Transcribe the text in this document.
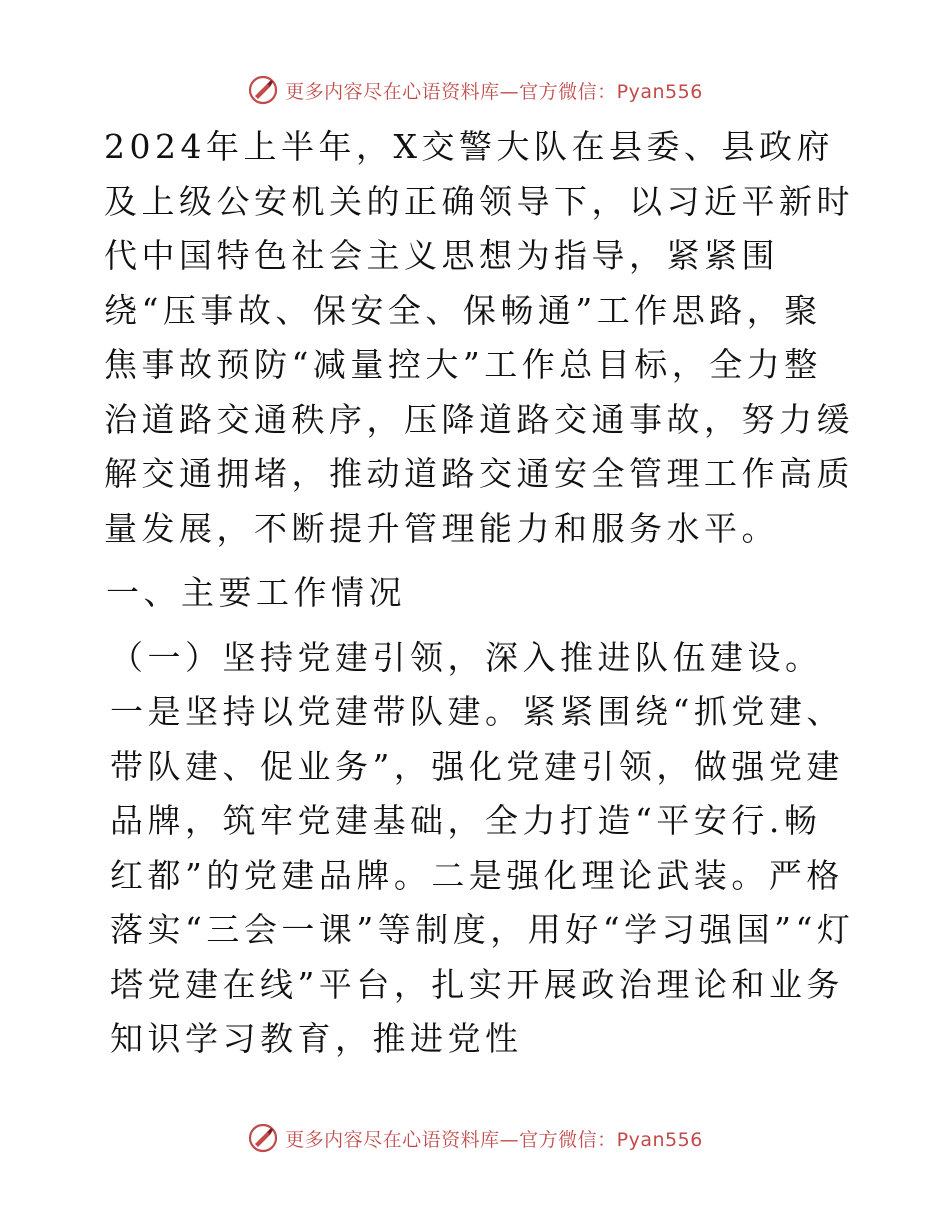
更多内容尽在心语资料库—官方微信：Pyan556

2024年上半年，X交警大队在县委、县政府及上级公安机关的正确领导下，以习近平新时代中国特色社会主义思想为指导，紧紧围绕“压事故、保安全、保畅通”工作思路，聚焦事故预防“减量控大”工作总目标，全力整治道路交通秩序，压降道路交通事故，努力缓解交通拥堵，推动道路交通安全管理工作高质量发展，不断提升管理能力和服务水平。

一、主要工作情况

（一）坚持党建引领，深入推进队伍建设。一是坚持以党建带队建。紧紧围绕“抓党建、带队建、促业务”，强化党建引领，做强党建品牌，筑牢党建基础，全力打造“平安行.畅红都”的党建品牌。二是强化理论武装。严格落实“三会一课”等制度，用好“学习强国”“灯塔党建在线”平台，扎实开展政治理论和业务知识学习教育，推进党性

更多内容尽在心语资料库—官方微信：Pyan556
